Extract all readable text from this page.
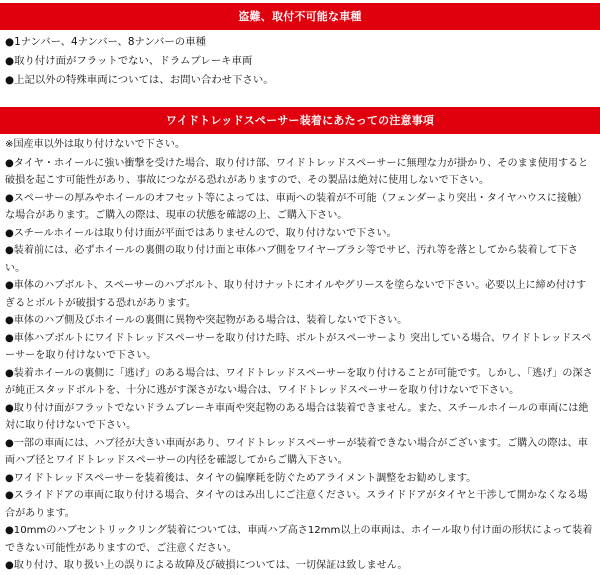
盗難、取付不可能な車種
●1ナンバー、4ナンバー、8ナンバーの車種
●取り付け面がフラットでない、ドラムブレーキ車両
●上記以外の特殊車両については、お問い合わせ下さい。
ワイドトレッドスペーサー装着にあたっての注意事項
※国産車以外は取り付けないで下さい。
●タイヤ・ホイールに強い衝撃を受けた場合、取り付け部、ワイドトレッドスペーサーに無理な力が掛かり、そのまま使用すると破損を起こす可能性があり、事故につながる恐れがありますので、その製品は絶対に使用しないで下さい。
●スペーサーの厚みやホイールのオフセット等によっては、車両への装着が不可能（フェンダーより突出・タイヤハウスに接触）な場合があります。ご購入の際は、現車の状態を確認の上、ご購入下さい。
●スチールホイールは取り付け面が平面ではありませんので、取り付けないで下さい。
●装着前には、必ずホイールの裏側の取り付け面と車体ハブ側をワイヤーブラシ等でサビ、汚れ等を落としてから装着して下さい。
●車体のハブボルト、スペーサーのハブボルト、取り付けナットにオイルやグリースを塗らないで下さい。必要以上に締め付けすぎるとボルトが破損する恐れがあります。
●車体のハブ側及びホイールの裏側に異物や突起物がある場合は、装着しないで下さい。
●車体ハブボルトにワイドトレッドスペーサーを取り付けた時、ボルトがスペーサーより 突出している場合、ワイドトレッドスペーサーを取り付けないで下さい。
●装着ホイールの裏側に「逃げ」のある場合は、ワイドトレッドスペーサーを取り付けることが可能です。しかし、「逃げ」の深さが純正スタッドボルトを、十分に逃がす深さがない場合は、ワイドトレッドスペーサーを取り付けないで下さい。
●取り付け面がフラットでないドラムブレーキ車両や突起物のある場合は装着できません。また、スチールホイールの車両には絶対に取り付けないで下さい。
●一部の車両には、ハブ径が大きい車両があり、ワイドトレッドスペーサーが装着できない場合がございます。ご購入の際は、車両ハブ径とワイドトレッドスペーサーの内径を確認してからご購入下さい。
●ワイドトレッドスペーサーを装着後は、タイヤの偏摩耗を防ぐためアライメント調整をお勧めします。
●スライドドアの車両に取り付ける場合、タイヤのはみ出しにご注意ください。スライドドアがタイヤと干渉して開かなくなる場合があります。
●10mmのハブセントリックリング装着については、車両ハブ高さ12mm以上の車両は、ホイール取り付け面の形状によって装着できない可能性がありますので、ご注意ください。
●取り付け、取り扱い上の誤りによる故障及び破損については、一切保証は致しません。
